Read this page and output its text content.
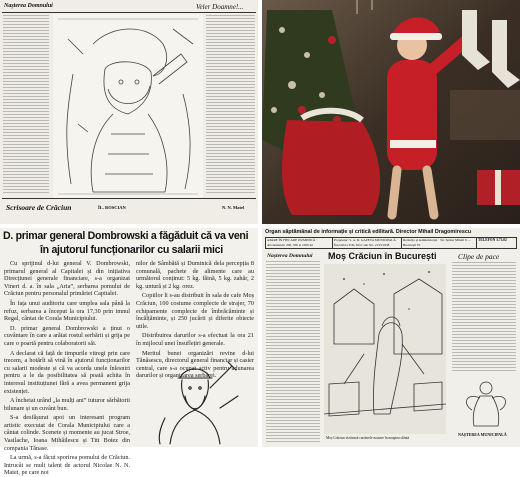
Nașterea Domnului	Veler Doamne!...
Scrisoare de Crăciun	ÎL. ROSCIAN	N. N. Matel
D. primar general Dombrowski a făgăduit că va veni
în ajutorul funcționarilor cu salarii mici

Cu sprijinul d-lui general V. Dombrowski, primarul general al Capitalei și din inițiativa Direcțiunei generale financiare, s-a organizat Vineri d. a. în sala „Aria”, serbarea pomului de Crăciun pentru personalul primăriei Capitalei.

În fața unui auditoriu care umplea sala până la refuz, serbarea a început la ora 17,30 prin imnul Regal, cântat de Corala Municipiului.

D. primar general Dombrowski a ținut o cuvântare în care a arătat rostul serbării și grija pe care o poartă pentru colaboratorii săi.

A declarat că față de timpurile vitregi prin care trecem, a hotărît să vină în ajutorul funcționarilor cu salarii modeste și că va acorda unele înlesniri pentru a le da posibilitatea să poată achita în interesul instituțiunei fără a avea permanent grija existenței.

A încheiat urând „la mulți ani” tuturor sărbătorii bilunare și un cuvânt bun.

S-a desfășurat apoi un interesant program artistic executat de Corala Municipiului care a cântat colinde. Scenete și momente au jucat Stroe, Vasilache, Ioana Mihăilescu și Titi Botez din compania Tănase.

La urmă, s-a făcut sporirea pomului de Crăciun. Intrucât se mult talent de actorul Nicolae N. N. Matei, pe care noi

nilor de Sâmbătă și Duminică dela percepția 8 comunală, pachete de alimente care au următorul conținut: 5 kg. făină, 5 kg. zahăr, 2 kg. untură și 2 kg. orez.

Copiilor li s-au distribuit în sala de cafe Moș Crăciun, 100 costume complecte de strajer, 70 echipamente complecte de îmbrăcăminte și încălțăminte, și 250 jucării și diferite obiecte utile.

Distribuirea darurilor s-a efectuat la ora 21 în mijlocul unei însuflețiri generale.

Meritul bunei organizări revine d-lui Tănăsescu, directorul general financiar și casier central, care s-a ocupat activ pentru adunarea darurilor și organizarea serbărei.

Organ săptămânal de informație și critică edilitară. Director Mihail Dragomirescu
APARE ÎN FIECARE DUMINICĂ · Abonamente: 200, 500 și 1000 lei
Proprietar: S. A. R. GAZETA MUNICIPALĂ · Înscrisă la Trib. Ilfov sub No. 2133/1938
Redacția și Administrația · Str. Spătar Mihail 6 — București VI
TELEFON 3.73.02
Nașterea Domnului Moș Crăciun în București
Moș Crăciun vizitează cartierele noastre în noaptea sfântă
Clipe de pace
NAȘTEREA MUNICIPALĂ
